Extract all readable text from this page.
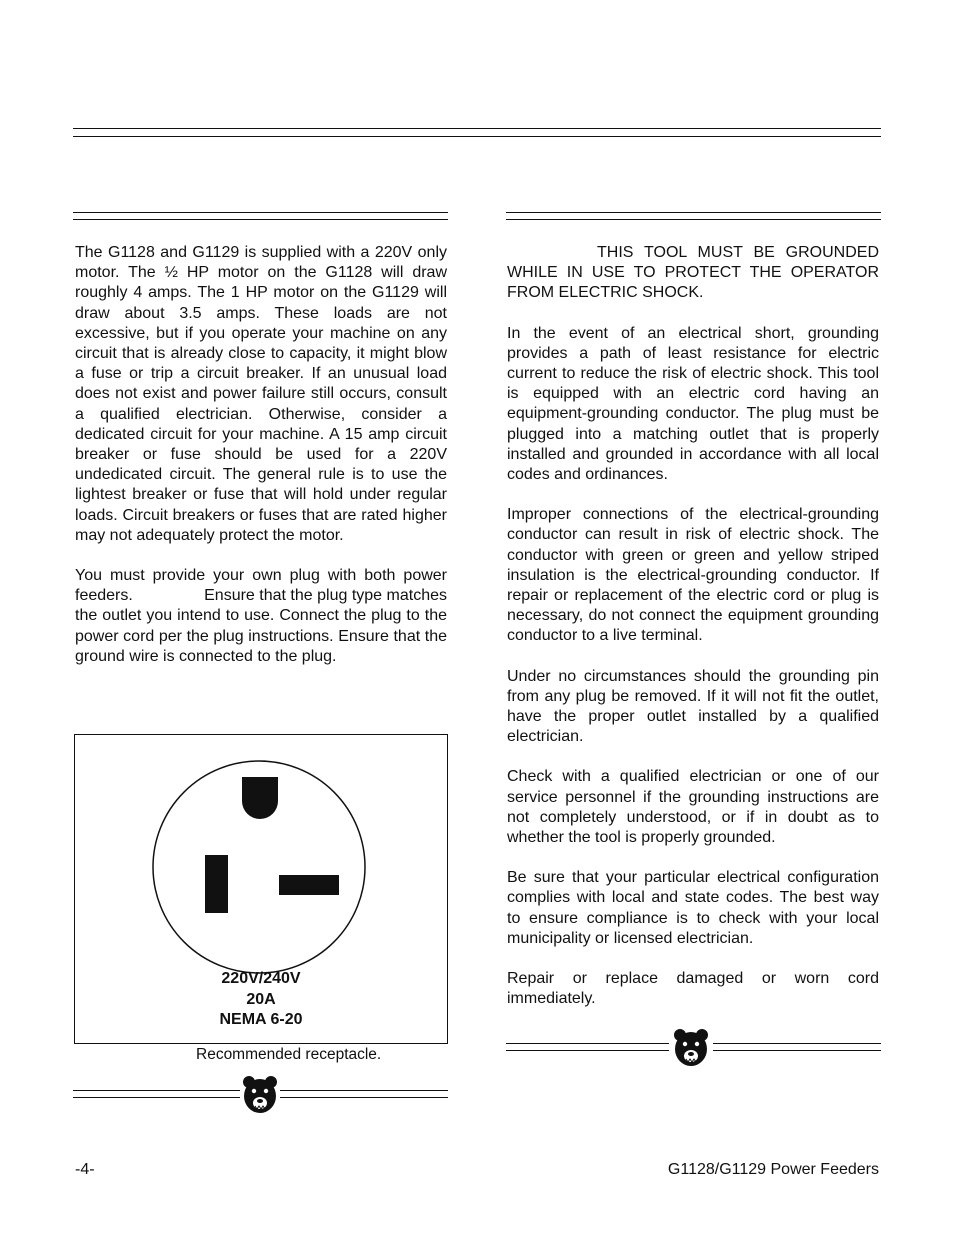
The G1128 and G1129 is supplied with a 220V only motor. The ½ HP motor on the G1128 will draw roughly 4 amps. The 1 HP motor on the G1129 will draw about 3.5 amps. These loads are not excessive, but if you operate your machine on any circuit that is already close to capacity, it might blow a fuse or trip a circuit breaker. If an unusual load does not exist and power failure still occurs, consult a qualified electrician. Otherwise, consider a dedicated circuit for your machine. A 15 amp circuit breaker or fuse should be used for a 220V undedicated circuit. The general rule is to use the lightest breaker or fuse that will hold under regular loads. Circuit breakers or fuses that are rated higher may not adequately protect the motor.

You must provide your own plug with both power feeders.                Ensure that the plug type matches the outlet you intend to use. Connect the plug to the power cord per the plug instructions. Ensure that the ground wire is connected to the plug.

220V/240V
20A
NEMA 6-20
Recommended receptacle.

THIS TOOL MUST BE GROUNDED WHILE IN USE TO PROTECT THE OPERATOR FROM ELECTRIC SHOCK.

In the event of an electrical short, grounding provides a path of least resistance for electric current to reduce the risk of electric shock. This tool is equipped with an electric cord having an equipment-grounding conductor. The plug must be plugged into a matching outlet that is properly installed and grounded in accordance with all local codes and ordinances.

Improper connections of the electrical-grounding conductor can result in risk of electric shock. The conductor with green or green and yellow striped insulation is the electrical-grounding conductor. If repair or replacement of the electric cord or plug is necessary, do not connect the equipment grounding conductor to a live terminal.

Under no circumstances should the grounding pin from any plug be removed. If it will not fit the outlet, have the proper outlet installed by a qualified electrician.

Check with a qualified electrician or one of our service personnel if the grounding instructions are not completely understood, or if in doubt as to whether the tool is properly grounded.

Be sure that your particular electrical configuration complies with local and state codes. The best way to ensure compliance is to check with your local municipality or licensed electrician.

Repair or replace damaged or worn cord immediately.

-4-	G1128/G1129 Power Feeders
